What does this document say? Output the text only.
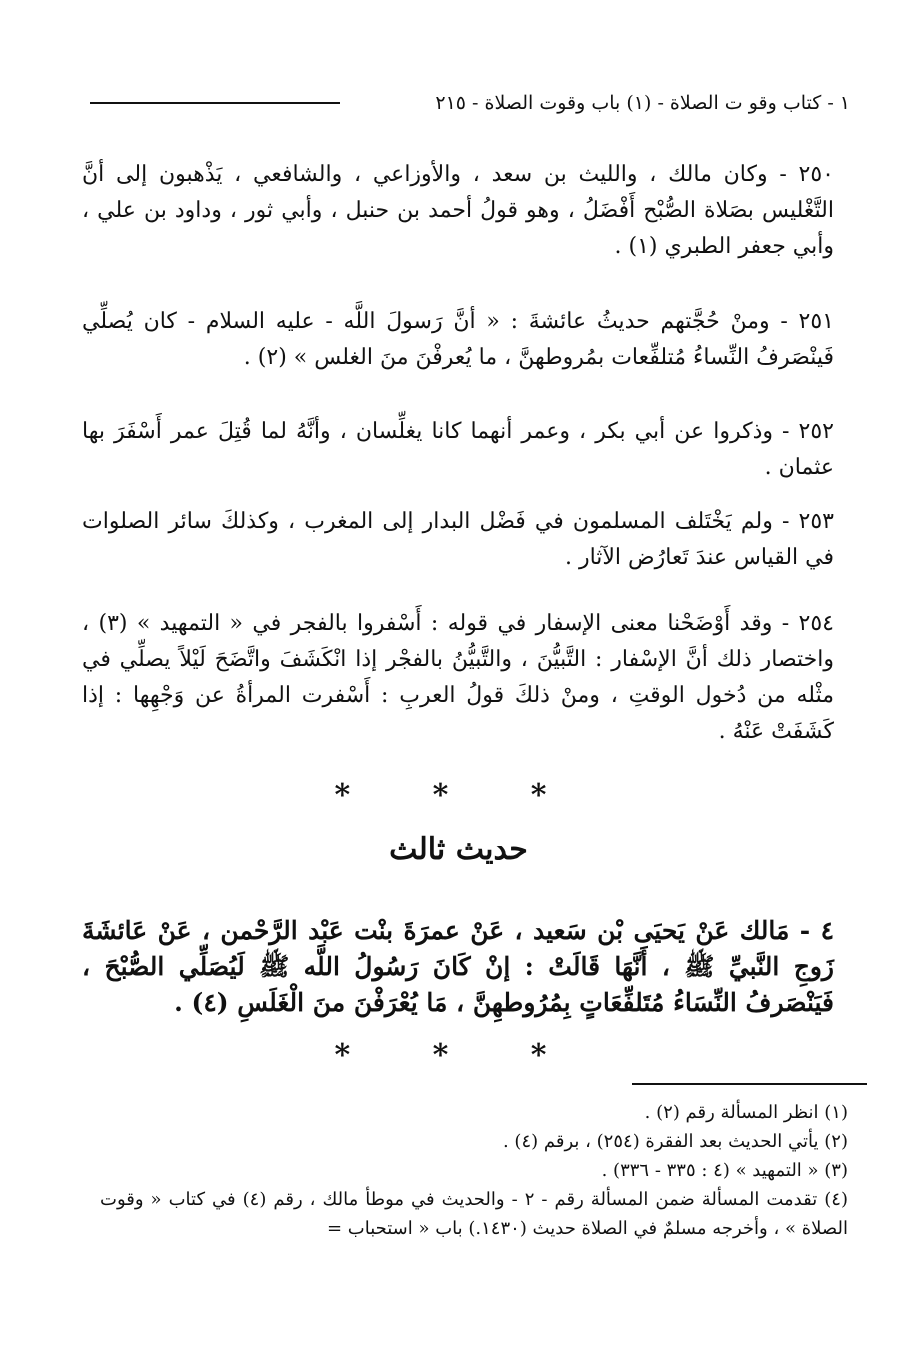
١ - كتاب وقو ت الصلاة - (١) باب وقوت الصلاة - ٢١٥

٢٥٠ - وكان مالك ، والليث بن سعد ، والأوزاعي ، والشافعي ، يَذْهبون إلى أنَّ التَّغْليس بصَلاة الصُّبْح أَفْضَلُ ، وهو قولُ أحمد بن حنبل ، وأبي ثور ، وداود بن علي ، وأبي جعفر الطبري (١) .

٢٥١ - ومنْ حُجَّتهم حديثُ عائشةَ : « أنَّ رَسولَ اللَّه - عليه السلام - كان يُصلِّي فَينْصَرفُ النِّساءُ مُتلفِّعات بمُروطهنَّ ، ما يُعرفْنَ منَ الغلس » (٢) .

٢٥٢ - وذكروا عن أبي بكر ، وعمر أنهما كانا يغلِّسان ، وأنَّهُ لما قُتِلَ عمر أَسْفَرَ بها عثمان .

٢٥٣ - ولم يَخْتَلف المسلمون في فَضْل البدار إلى المغرب ، وكذلكَ سائر الصلوات في القياس عندَ تَعارُض الآثار .

٢٥٤ - وقد أَوْضَحْنا معنى الإسفار في قوله : أَسْفروا بالفجر في « التمهيد » (٣) ، واختصار ذلك أنَّ الإسْفار : التَّبيُّنَ ، والتَّبيُّنُ بالفجْر إذا انْكَشَفَ واتَّضَحَ لَيْلاً يصلِّي في مثْله من دُخول الوقتِ ، ومنْ ذلكَ قولُ العربِ : أَسْفرت المرأةُ عن وَجْهِها : إذا كَشَفَتْ عَنْهُ .

* * *
حديث ثالث

٤ - مَالك عَنْ يَحيَى بْن سَعيد ، عَنْ عمرَةَ بنْت عَبْد الرَّحْمن ، عَنْ عَائشَةَ زَوجِ النَّبيِّ ﷺ ، أَنَّهَا قَالَتْ : إنْ كَانَ رَسُولُ اللَّه ﷺ لَيُصَلِّي الصُّبْحَ ، فَيَنْصَرفُ النِّسَاءُ مُتَلفِّعَاتٍ بِمُرُوطهِنَّ ، مَا يُعْرَفْنَ منَ الْغَلَسِ (٤) .

* * *

(١) انظر المسألة رقم (٢) .

(٢) يأتي الحديث بعد الفقرة (٢٥٤) ، برقم (٤) .

(٣) « التمهيد » (٤ : ٣٣٥ - ٣٣٦) .

(٤) تقدمت المسألة ضمن المسألة رقم - ٢ - والحديث في موطأ مالك ، رقم (٤) في كتاب « وقوت الصلاة » ، وأخرجه مسلمٌ في الصلاة حديث (١٤٣٠.) باب « استحباب =
